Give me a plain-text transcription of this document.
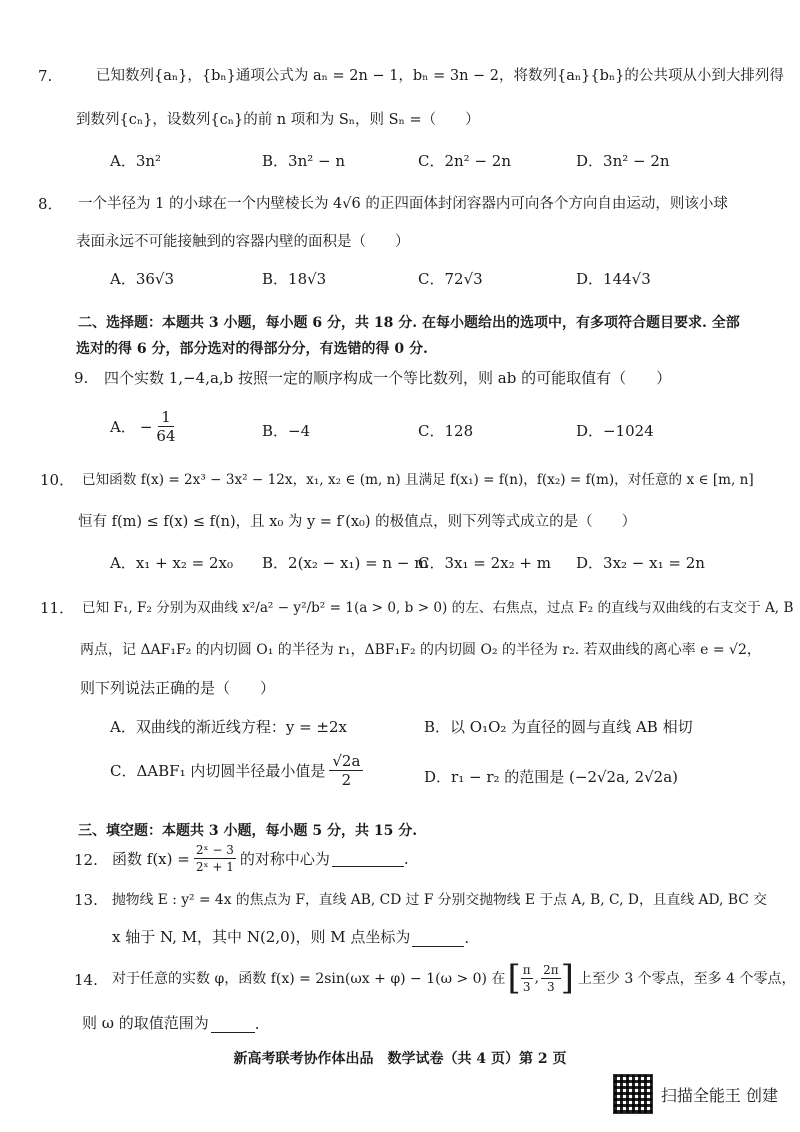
7.	已知数列{aₙ}，{bₙ}通项公式为 aₙ = 2n − 1，bₙ = 3n − 2，将数列{aₙ}{bₙ}的公共项从小到大排列得
到数列{cₙ}，设数列{cₙ}的前 n 项和为 Sₙ，则 Sₙ =（　　）
A．3n²	B．3n² − n	C．2n² − 2n	D．3n² − 2n
8． 一个半径为 1 的小球在一个内壁棱长为 4√6 的正四面体封闭容器内可向各个方向自由运动，则该小球
表面永远不可能接触到的容器内壁的面积是（　　）
A．36√3	B．18√3	C．72√3	D．144√3
二、选择题：本题共 3 小题，每小题 6 分，共 18 分. 在每小题给出的选项中，有多项符合题目要求. 全部
选对的得 6 分，部分选对的得部分分，有选错的得 0 分.
9. 四个实数 1,−4,a,b 按照一定的顺序构成一个等比数列，则 ab 的可能取值有（　　）
A． − $\frac{1}{64}$	B．−4	C．128	D．−1024
10． 已知函数 f(x) = 2x³ − 3x² − 12x，x₁, x₂ ∈ (m, n) 且满足 f(x₁) = f(n)，f(x₂) = f(m)，对任意的 x ∈ [m, n]
恒有 f(m) ≤ f(x) ≤ f(n)，且 x₀ 为 y = f′(x₀) 的极值点，则下列等式成立的是（　　）
A．x₁ + x₂ = 2x₀ B．2(x₂ − x₁) = n − m
C．3x₁ = 2x₂ + m D．3x₂ − x₁ = 2n
11． 已知 F₁, F₂ 分别为双曲线 x²/a² − y²/b² = 1(a > 0, b > 0) 的左、右焦点，过点 F₂ 的直线与双曲线的右支交于 A, B
两点，记 ΔAF₁F₂ 的内切圆 O₁ 的半径为 r₁，ΔBF₁F₂ 的内切圆 O₂ 的半径为 r₂. 若双曲线的离心率 e = √2，
则下列说法正确的是（　　）
A．双曲线的渐近线方程：y = ±2x	B．以 O₁O₂ 为直径的圆与直线 AB 相切
C．ΔABF₁ 内切圆半径最小值是 $\frac{√2a}{2}$	D．r₁ − r₂ 的范围是 (−2√2a, 2√2a)
三、填空题：本题共 3 小题，每小题 5 分，共 15 分.
12. 函数 $f(x) = \frac{\text{2ˣ − 3}}{\text{2ˣ + 1}}$ 的对称中心为	.
13. 抛物线 E : y² = 4x 的焦点为 F，直线 AB, CD 过 F 分别交抛物线 E 于点 A, B, C, D，且直线 AD, BC 交
x 轴于 N, M，其中 N(2,0)，则 M 点坐标为	.
14. 对于任意的实数 φ，函数 f(x) = 2sin(ωx + φ) − 1(ω > 0) 在 [ $\frac{\pi}{3}$ , $\frac{2\pi}{3}$ ] 上至少 3 个零点，至多 4 个零点，
则 ω 的取值范围为	.
新高考联考协作体出品　数学试卷（共 4 页）第 2 页
扫描全能王 创建
